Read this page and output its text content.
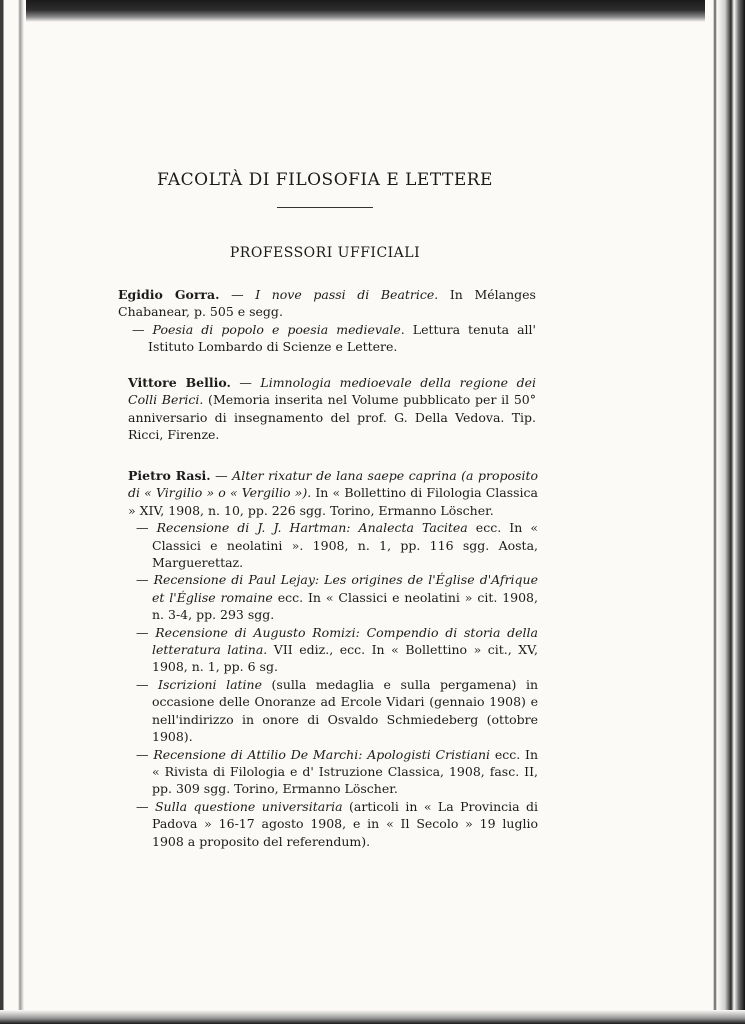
FACOLTÀ DI FILOSOFIA E LETTERE
PROFESSORI UFFICIALI

Egidio Gorra. — I nove passi di Beatrice. In Mélanges Chabanear, p. 505 e segg.

— Poesia di popolo e poesia medievale. Lettura tenuta all' Istituto Lombardo di Scienze e Lettere.

Vittore Bellio. — Limnologia medioevale della regione dei Colli Berici. (Memoria inserita nel Volume pubblicato per il 50° anniversario di insegnamento del prof. G. Della Vedova. Tip. Ricci, Firenze.

Pietro Rasi. — Alter rixatur de lana saepe caprina (a proposito di « Virgilio » o « Vergilio »). In « Bollettino di Filologia Classica » XIV, 1908, n. 10, pp. 226 sgg. Torino, Ermanno Löscher.

— Recensione di J. J. Hartman: Analecta Tacitea ecc. In « Classici e neolatini ». 1908, n. 1, pp. 116 sgg. Aosta, Marguerettaz.

— Recensione di Paul Lejay: Les origines de l'Église d'Afrique et l'Église romaine ecc. In « Classici e neolatini » cit. 1908, n. 3-4, pp. 293 sgg.

— Recensione di Augusto Romizi: Compendio di storia della letteratura latina. VII ediz., ecc. In « Bollettino » cit., XV, 1908, n. 1, pp. 6 sg.

— Iscrizioni latine (sulla medaglia e sulla pergamena) in occasione delle Onoranze ad Ercole Vidari (gennaio 1908) e nell'indirizzo in onore di Osvaldo Schmiedeberg (ottobre 1908).

— Recensione di Attilio De Marchi: Apologisti Cristiani ecc. In « Rivista di Filologia e d' Istruzione Classica, 1908, fasc. II, pp. 309 sgg. Torino, Ermanno Löscher.

— Sulla questione universitaria (articoli in « La Provincia di Padova » 16-17 agosto 1908, e in « Il Secolo » 19 luglio 1908 a proposito del referendum).
